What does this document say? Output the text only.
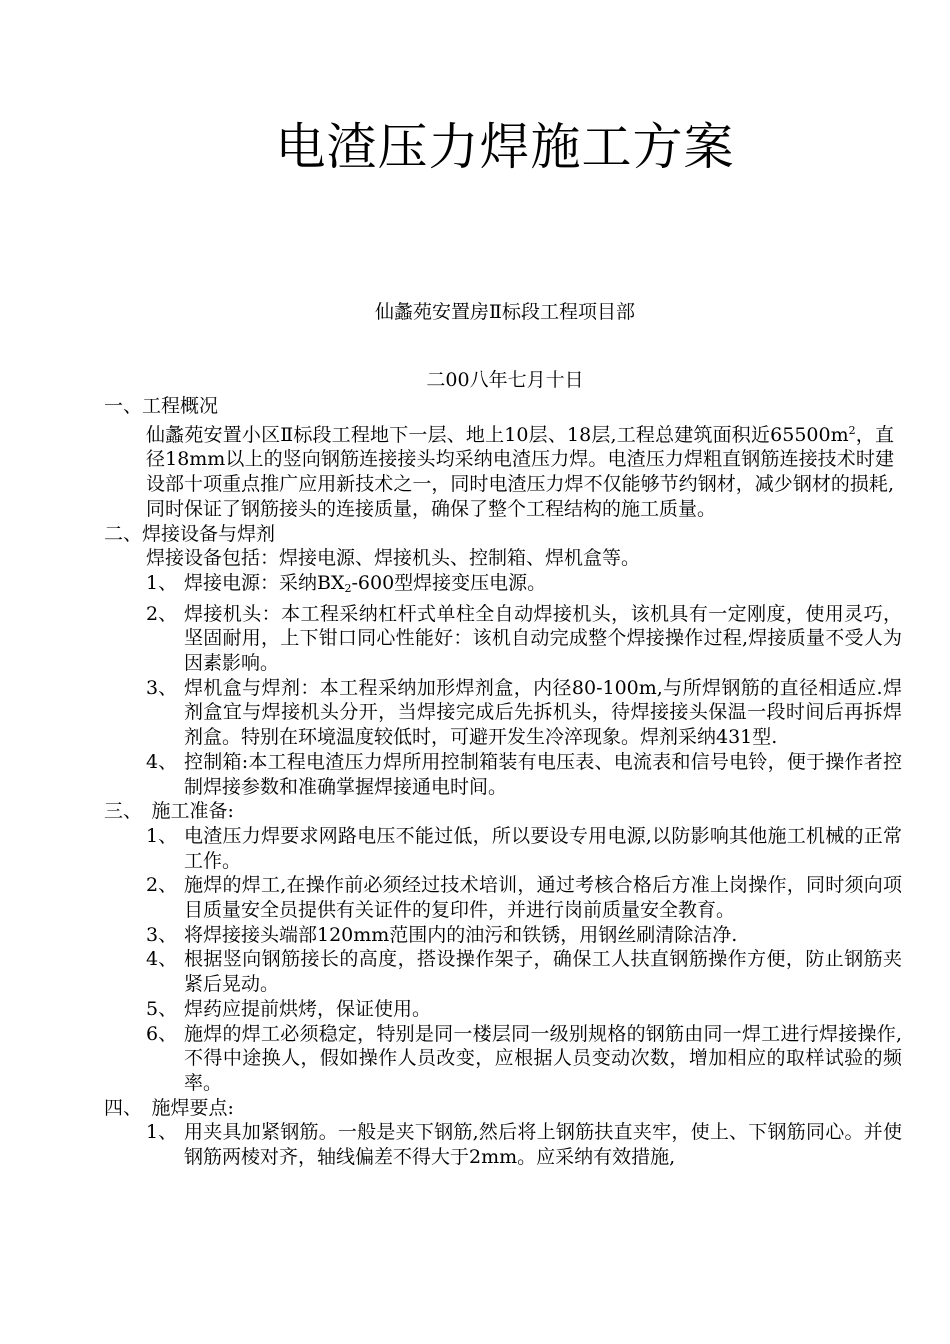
电渣压力焊施工方案
仙蠡苑安置房Ⅱ标段工程项目部
二00八年七月十日
一、工程概况
仙蠡苑安置小区Ⅱ标段工程地下一层、地上10层、18层,工程总建筑面积近$65500m^2$，直径18mm以上的竖向钢筋连接接头均采纳电渣压力焊。电渣压力焊粗直钢筋连接技术时建设部十项重点推广应用新技术之一，同时电渣压力焊不仅能够节约钢材，减少钢材的损耗,同时保证了钢筋接头的连接质量，确保了整个工程结构的施工质量。
二、焊接设备与焊剂
焊接设备包括：焊接电源、焊接机头、控制箱、焊机盒等。
1、 焊接电源：采纳$BX_2-600$型焊接变压电源。
2、 焊接机头：本工程采纳杠杆式单柱全自动焊接机头，该机具有一定刚度，使用灵巧，坚固耐用，上下钳口同心性能好：该机自动完成整个焊接操作过程,焊接质量不受人为因素影响。
3、 焊机盒与焊剂：本工程采纳加形焊剂盒，内径80-100m,与所焊钢筋的直径相适应.焊剂盒宜与焊接机头分开，当焊接完成后先拆机头，待焊接接头保温一段时间后再拆焊剂盒。特别在环境温度较低时，可避开发生冷淬现象。焊剂采纳431型.
4、 控制箱:本工程电渣压力焊所用控制箱装有电压表、电流表和信号电铃，便于操作者控制焊接参数和准确掌握焊接通电时间。
三、　施工准备:
1、 电渣压力焊要求网路电压不能过低，所以要设专用电源,以防影响其他施工机械的正常工作。
2、 施焊的焊工,在操作前必须经过技术培训，通过考核合格后方准上岗操作，同时须向项目质量安全员提供有关证件的复印件，并进行岗前质量安全教育。
3、 将焊接接头端部120mm范围内的油污和铁锈，用钢丝刷清除洁净.
4、 根据竖向钢筋接长的高度，搭设操作架子，确保工人扶直钢筋操作方便，防止钢筋夹紧后晃动。
5、 焊药应提前烘烤，保证使用。
6、 施焊的焊工必须稳定，特别是同一楼层同一级别规格的钢筋由同一焊工进行焊接操作,不得中途换人，假如操作人员改变，应根据人员变动次数，增加相应的取样试验的频率。
四、　施焊要点:
1、 用夹具加紧钢筋。一般是夹下钢筋,然后将上钢筋扶直夹牢，使上、下钢筋同心。并使钢筋两棱对齐，轴线偏差不得大于2mm。应采纳有效措施,
